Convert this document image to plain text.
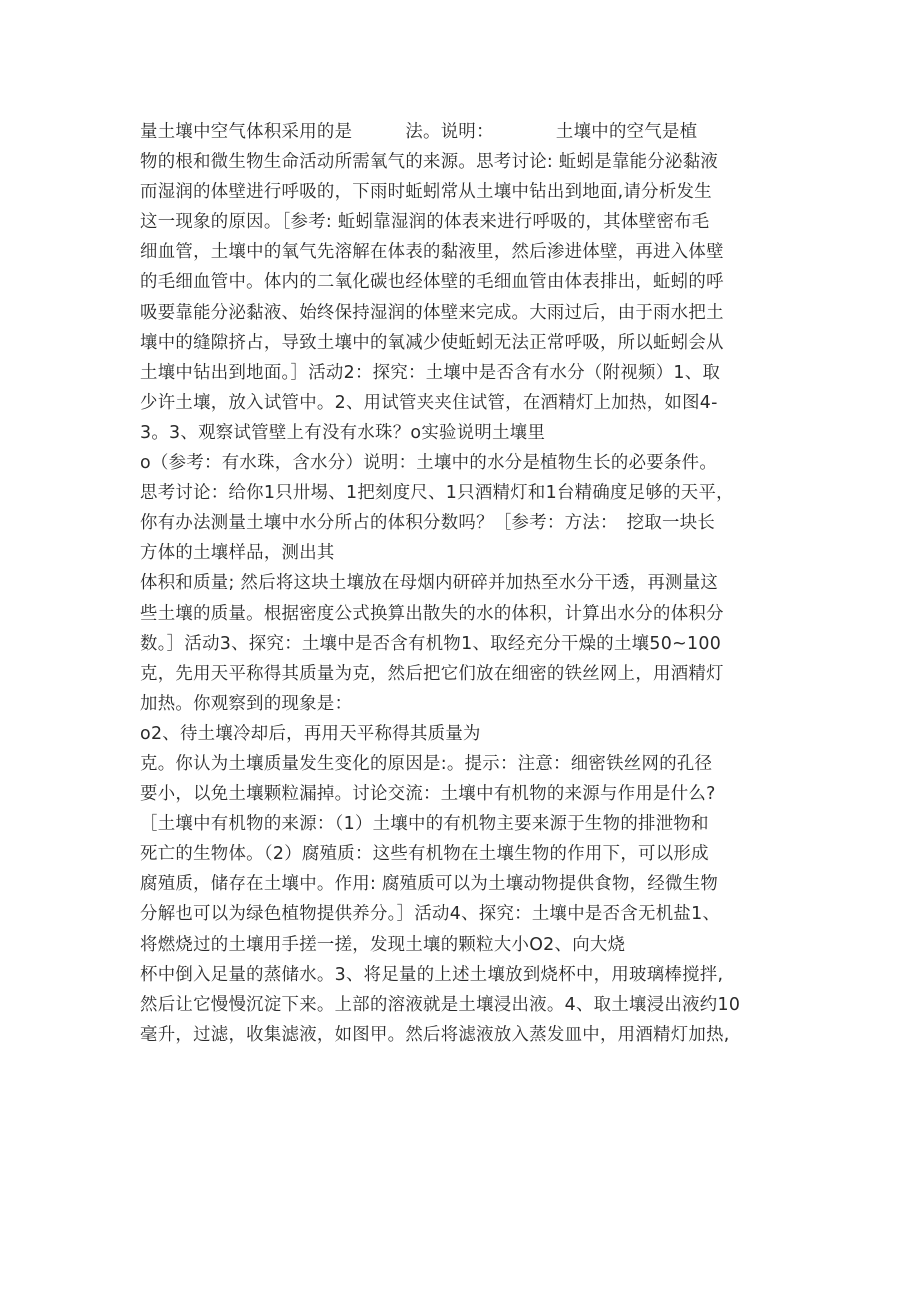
量土壤中空气体积采用的是　　　法。说明：　　　　土壤中的空气是植
物的根和微生物生命活动所需氧气的来源。思考讨论: 蚯蚓是靠能分泌黏液
而湿润的体壁进行呼吸的，下雨时蚯蚓常从土壤中钻出到地面,请分析发生
这一现象的原因。［参考: 蚯蚓靠湿润的体表来进行呼吸的，其体壁密布毛
细血管，土壤中的氧气先溶解在体表的黏液里，然后渗进体壁，再进入体壁
的毛细血管中。体内的二氧化碳也经体壁的毛细血管由体表排出，蚯蚓的呼
吸要靠能分泌黏液、始终保持湿润的体壁来完成。大雨过后，由于雨水把土
壤中的缝隙挤占，导致土壤中的氧减少使蚯蚓无法正常呼吸，所以蚯蚓会从
土壤中钻出到地面。］活动2：探究：土壤中是否含有水分（附视频）1、取
少许土壤，放入试管中。2、用试管夹夹住试管，在酒精灯上加热，如图4-
3。3、观察试管壁上有没有水珠？o实验说明土壤里
o（参考：有水珠，含水分）说明：土壤中的水分是植物生长的必要条件。
思考讨论：给你1只卅埸、1把刻度尺、1只酒精灯和1台精确度足够的天平，
你有办法测量土壤中水分所占的体积分数吗？［参考：方法：　挖取一块长
方体的土壤样品，测出其
体积和质量; 然后将这块土壤放在母烟内研碎并加热至水分干透，再测量这
些土壤的质量。根据密度公式换算出散失的水的体积，计算出水分的体积分
数。］活动3、探究：土壤中是否含有机物1、取经充分干燥的土壤50~100
克，先用天平称得其质量为克，然后把它们放在细密的铁丝网上，用酒精灯
加热。你观察到的现象是：
o2、待土壤冷却后，再用天平称得其质量为
克。你认为土壤质量发生变化的原因是:。提示：注意：细密铁丝网的孔径
要小，以免土壤颗粒漏掉。讨论交流：土壤中有机物的来源与作用是什么?
［土壤中有机物的来源：（1）土壤中的有机物主要来源于生物的排泄物和
死亡的生物体。（2）腐殖质：这些有机物在土壤生物的作用下，可以形成
腐殖质，储存在土壤中。作用: 腐殖质可以为土壤动物提供食物，经微生物
分解也可以为绿色植物提供养分。］活动4、探究：土壤中是否含无机盐1、
将燃烧过的土壤用手搓一搓，发现土壤的颗粒大小O2、向大烧
杯中倒入足量的蒸储水。3、将足量的上述土壤放到烧杯中，用玻璃棒搅拌,
然后让它慢慢沉淀下来。上部的溶液就是土壤浸出液。4、取土壤浸出液约10
毫升，过滤，收集滤液，如图甲。然后将滤液放入蒸发皿中，用酒精灯加热,
